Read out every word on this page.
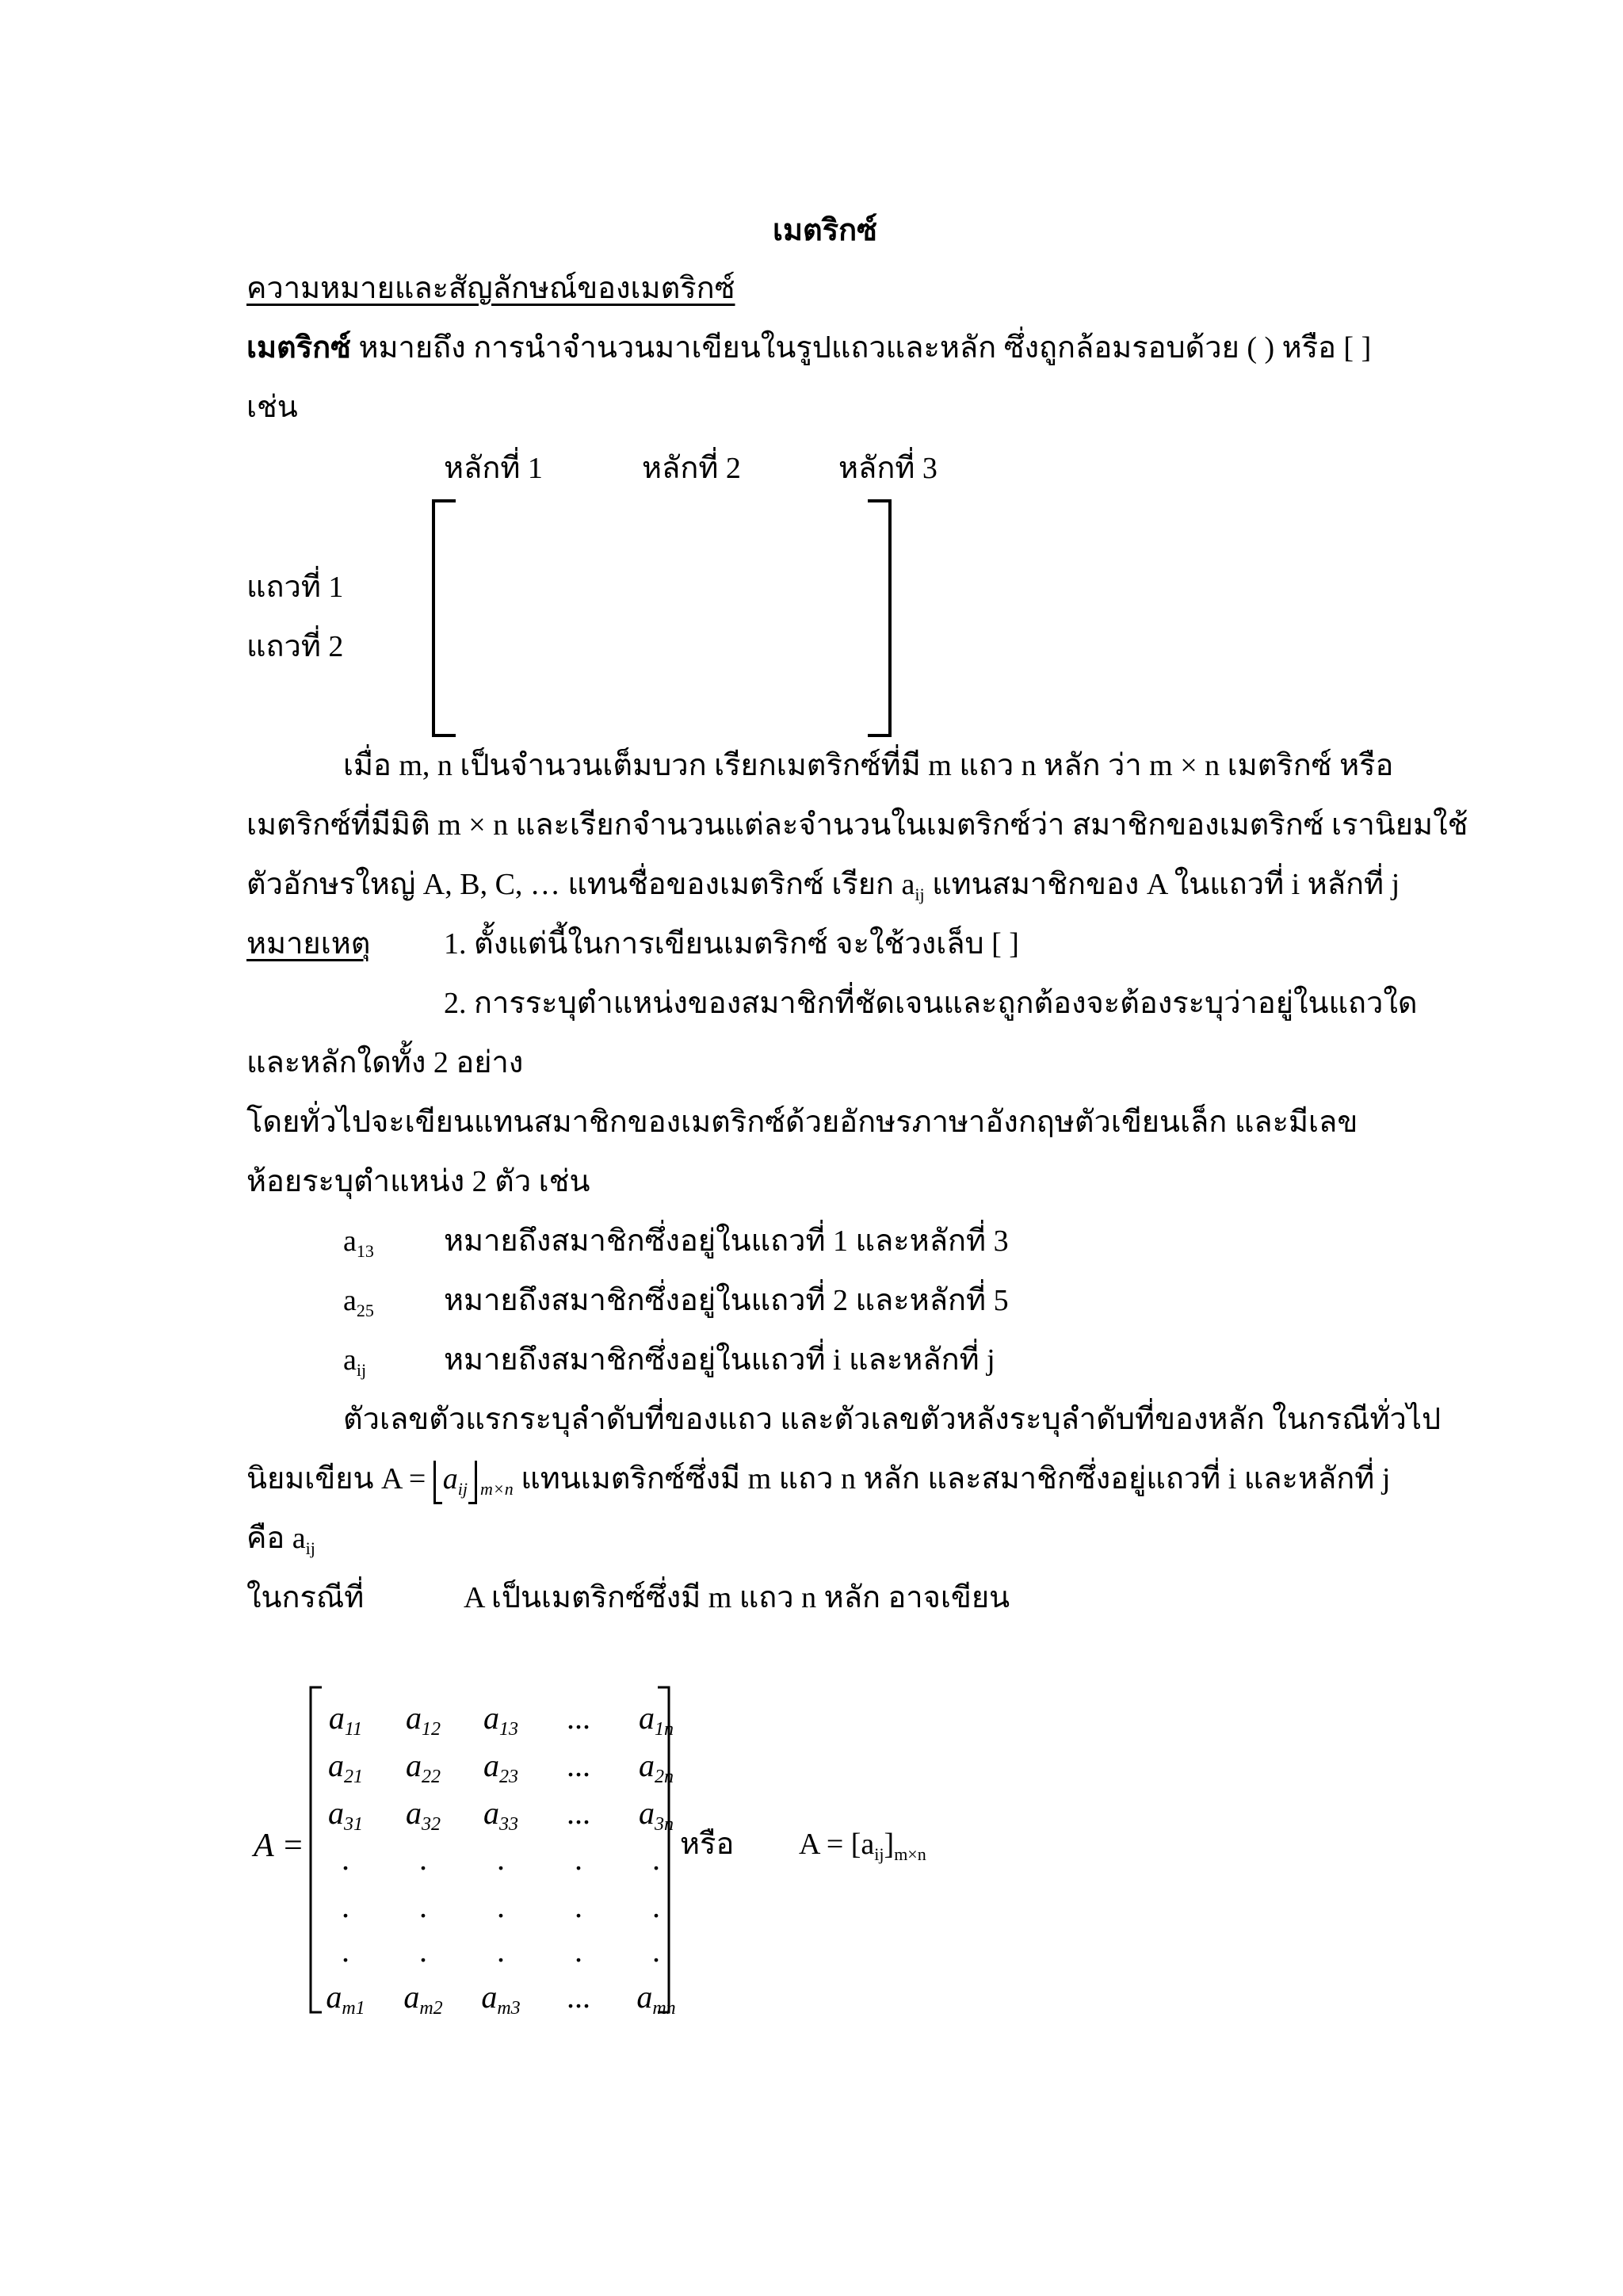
เมตริกซ์
ความหมายและสัญลักษณ์ของเมตริกซ์
เมตริกซ์ หมายถึง การนำจำนวนมาเขียนในรูปแถวและหลัก ซึ่งถูกล้อมรอบด้วย ( ) หรือ [ ]
เช่น
หลักที่ 1	หลักที่ 2	หลักที่ 3
แถวที่ 1
แถวที่ 2
เมื่อ m, n เป็นจำนวนเต็มบวก เรียกเมตริกซ์ที่มี m แถว n หลัก ว่า m × n เมตริกซ์ หรือ
เมตริกซ์ที่มีมิติ m × n และเรียกจำนวนแต่ละจำนวนในเมตริกซ์ว่า สมาชิกของเมตริกซ์ เรานิยมใช้
ตัวอักษรใหญ่ A, B, C, … แทนชื่อของเมตริกซ์ เรียก $a_{ij}$ แทนสมาชิกของ A ในแถวที่ i หลักที่ j
หมายเหตุ 1. ตั้งแต่นี้ในการเขียนเมตริกซ์ จะใช้วงเล็บ [ ]
2. การระบุตำแหน่งของสมาชิกที่ชัดเจนและถูกต้องจะต้องระบุว่าอยู่ในแถวใด
และหลักใดทั้ง 2 อย่าง
โดยทั่วไปจะเขียนแทนสมาชิกของเมตริกซ์ด้วยอักษรภาษาอังกฤษตัวเขียนเล็ก และมีเลข
ห้อยระบุตำแหน่ง 2 ตัว เช่น
$a_{13}$ หมายถึงสมาชิกซึ่งอยู่ในแถวที่ 1 และหลักที่ 3
$a_{25}$ หมายถึงสมาชิกซึ่งอยู่ในแถวที่ 2 และหลักที่ 5
$a_{ij}$	หมายถึงสมาชิกซึ่งอยู่ในแถวที่ i และหลักที่ j
ตัวเลขตัวแรกระบุลำดับที่ของแถว และตัวเลขตัวหลังระบุลำดับที่ของหลัก ในกรณีทั่วไป
นิยมเขียน A =
$a_{ij}$ $_{m\times n}$ แทนเมตริกซ์ซึ่งมี m แถว n หลัก และสมาชิกซึ่งอยู่แถวที่ i และหลักที่ j
คือ $a_{ij}$
ในกรณีที่	A เป็นเมตริกซ์ซึ่งมี m แถว n หลัก อาจเขียน
A =
$a_{11}$	$a_{12}$	$a_{13}$	...	$a_{1n}$
$a_{21}$	$a_{22}$	$a_{23}$	...	$a_{2n}$
$a_{31}$	$a_{32}$	$a_{33}$	...	$a_{3n}$
.	.	.	.	.
.	.	.	.	.
.	.	.	.	.
$a_{m1}$	$a_{m2}$	$a_{m3}$	...	$a_{mn}$
หรือ $A = [a_{ij}]_{m\times n}$
